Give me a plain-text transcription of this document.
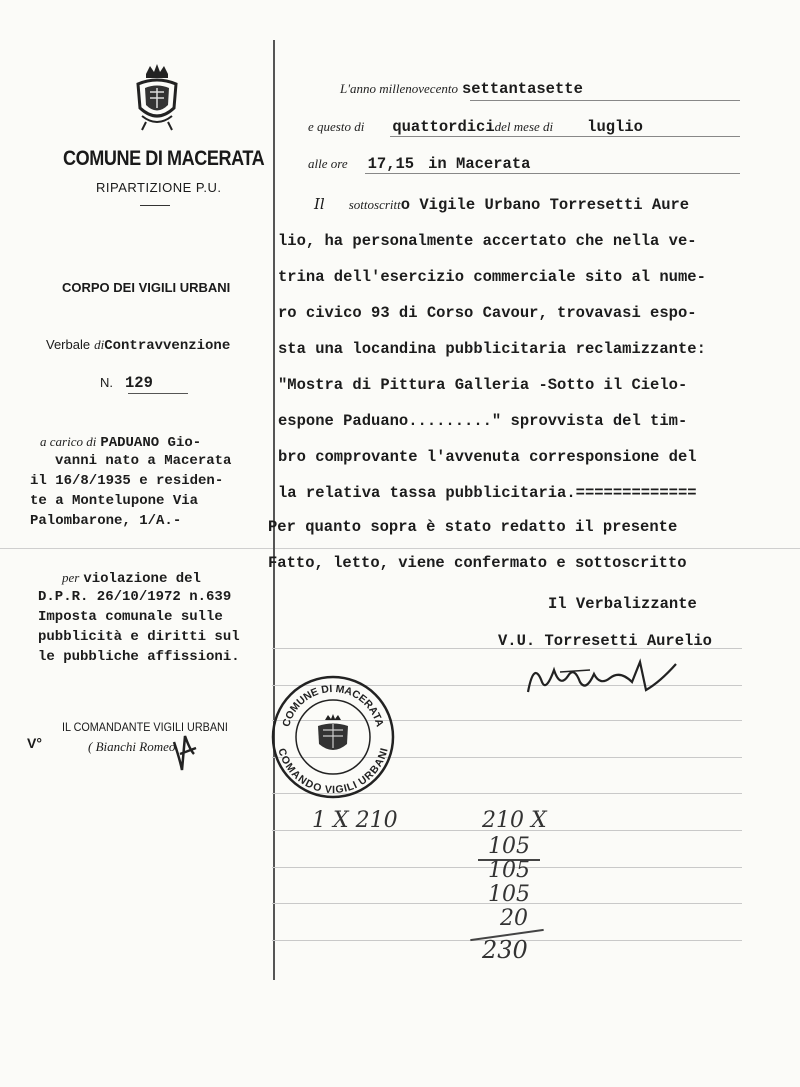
COMUNE DI MACERATA
RIPARTIZIONE P.U.
CORPO DEI VIGILI URBANI
Verbale diContravvenzione
N. 129
a carico di PADUANO Gio-
vanni nato a Macerata
il 16/8/1935 e residen-
te a Montelupone Via
Palombarone, 1/A.-
per violazione del
D.P.R. 26/10/1972 n.639
Imposta comunale sulle
pubblicità e diritti sul
le pubbliche affissioni.
V°
IL COMANDANTE VIGILI URBANI
( Bianchi Romeo
L'anno millenovecento settantasette
e questo di quattordicidel mese di luglio
alle ore 17,15 in Macerata
Il sottoscritto Vigile Urbano Torresetti Aure
lio, ha personalmente accertato che nella ve-
trina dell'esercizio commerciale sito al nume-
ro civico 93 di Corso Cavour, trovavasi espo-
sta una locandina pubblicitaria reclamizzante:
"Mostra di Pittura Galleria -Sotto il Cielo-
espone Paduano........." sprovvista del tim-
bro comprovante l'avvenuta corresponsione del
la relativa tassa pubblicitaria.=============
Per quanto sopra è stato redatto il presente
Fatto, letto, viene confermato e sottoscritto
Il Verbalizzante
V.U. Torresetti Aurelio
COMUNE DI MACERATA
COMANDO VIGILI URBANI
1 X 210	210 X
105
105
105
20
230
